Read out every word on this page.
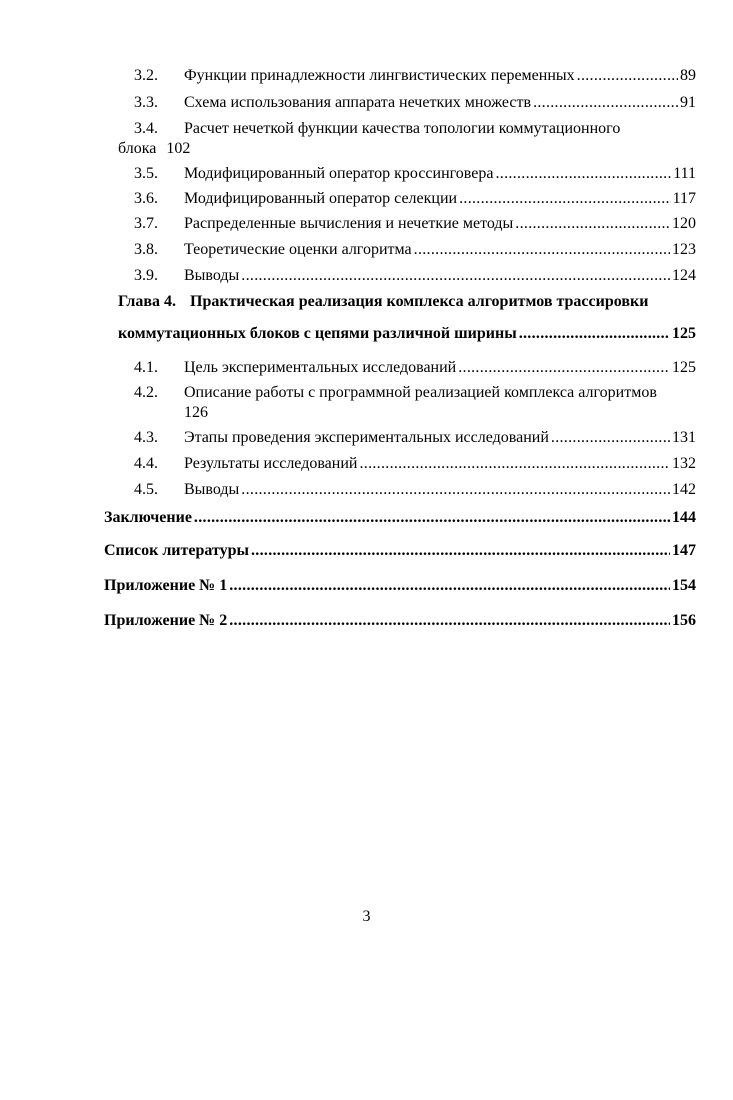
3.2. Функции принадлежности лингвистических переменных .....	89
3.3. Схема использования аппарата нечетких множеств .....	91
3.4. Расчет нечеткой функции качества топологии коммутационного
блока 102
3.5. Модифицированный оператор кроссинговера .....	111
3.6. Модифицированный оператор селекции .....	117
3.7. Распределенные вычисления и нечеткие методы .....	120
3.8. Теоретические оценки алгоритма .....	123
3.9. Выводы .....	124
Глава 4. Практическая реализация комплекса алгоритмов трассировки
коммутационных блоков с цепями различной ширины .....	125
4.1. Цель экспериментальных исследований .....	125
4.2. Описание работы с программной реализацией комплекса алгоритмов
126
4.3. Этапы проведения экспериментальных исследований .....	131
4.4. Результаты исследований .....	132
4.5. Выводы .....	142
Заключение .....	144
Список литературы .....	147
Приложение № 1 .....	154
Приложение № 2 .....	156
3
